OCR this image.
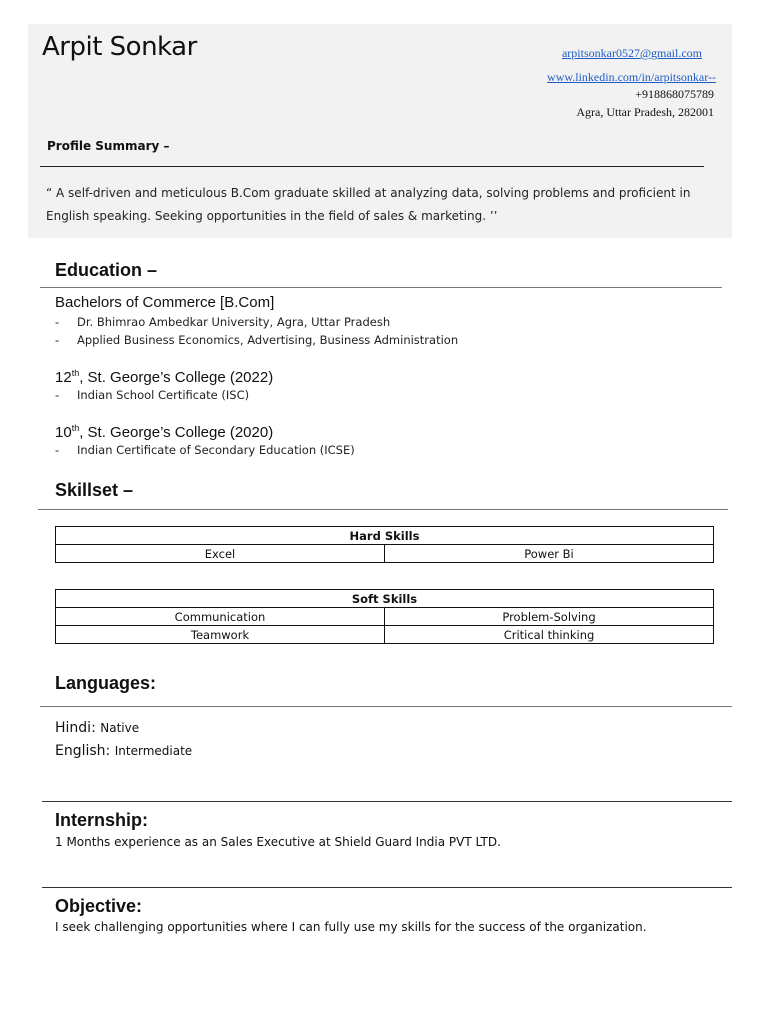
Arpit Sonkar	arpitsonkar0527@gmail.com
www.linkedin.com/in/arpitsonkar--
+918868075789
Agra, Uttar Pradesh, 282001
Profile Summary –
“ A self-driven and meticulous B.Com graduate skilled at analyzing data, solving problems and proficient in English speaking. Seeking opportunities in the field of sales & marketing. ’’
Education –
Bachelors of Commerce [B.Com]
- Dr. Bhimrao Ambedkar University, Agra, Uttar Pradesh
- Applied Business Economics, Advertising, Business Administration
12th, St. George’s College (2022)
- Indian School Certificate (ISC)
10th, St. George’s College (2020)
- Indian Certificate of Secondary Education (ICSE)
Skillset –
Hard Skills
Excel	Power Bi
Soft Skills	
Communication	Problem-Solving
Teamwork	Critical thinking
Languages:
Hindi: Native
English: Intermediate
Internship:
1 Months experience as an Sales Executive at Shield Guard India PVT LTD.
Objective:
I seek challenging opportunities where I can fully use my skills for the success of the organization.
